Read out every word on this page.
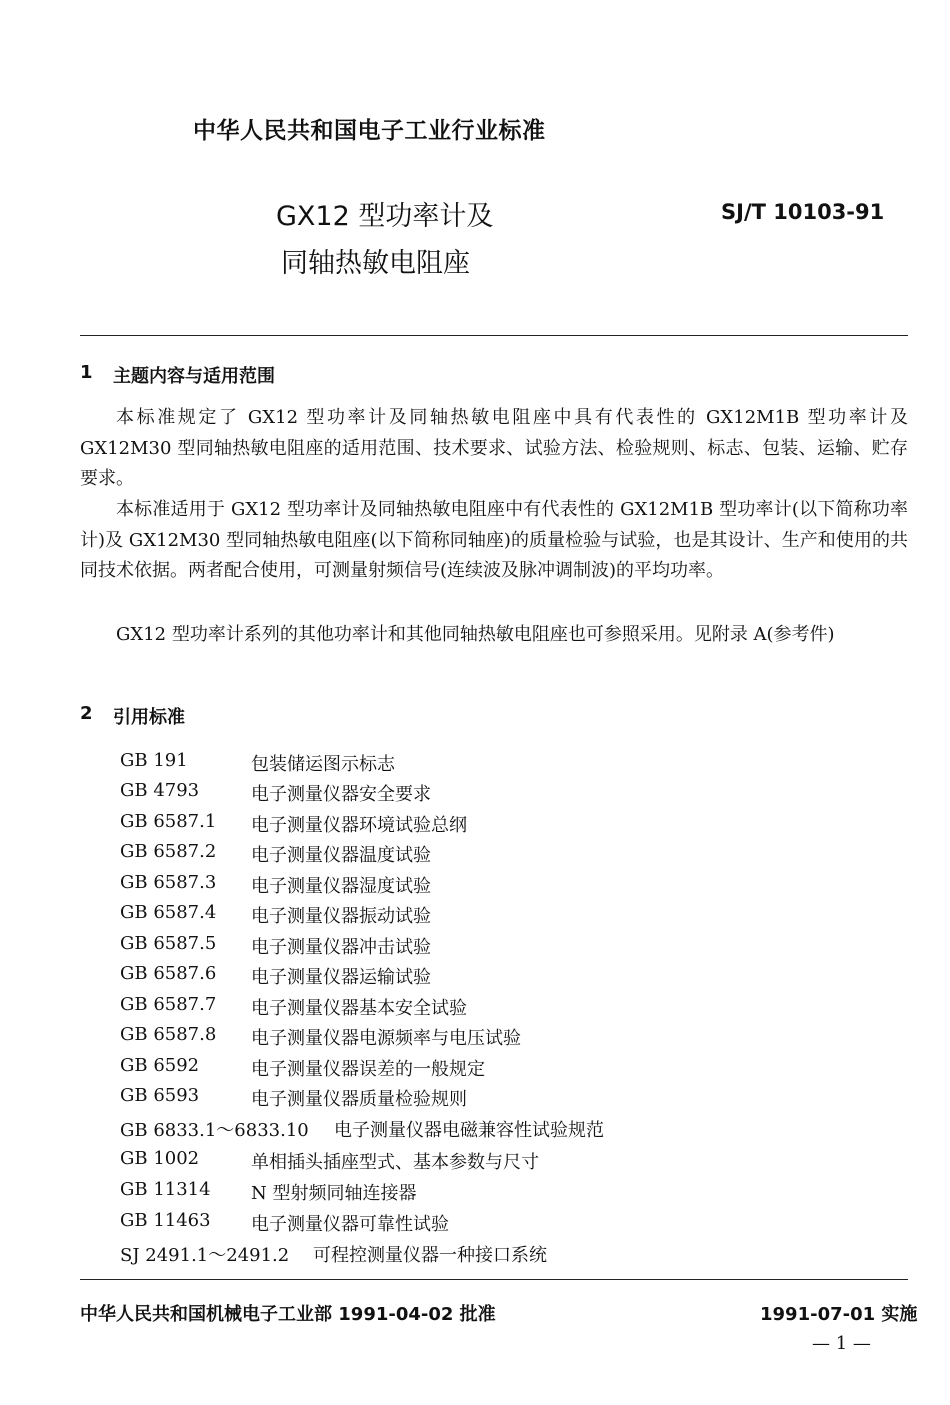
中华人民共和国电子工业行业标准
GX12 型功率计及
同轴热敏电阻座
SJ/T 10103-91
1 主题内容与适用范围
本标准规定了 GX12 型功率计及同轴热敏电阻座中具有代表性的 GX12M1B 型功率计及 GX12M30 型同轴热敏电阻座的适用范围、技术要求、试验方法、检验规则、标志、包装、运输、贮存要求。
本标准适用于 GX12 型功率计及同轴热敏电阻座中有代表性的 GX12M1B 型功率计(以下简称功率计)及 GX12M30 型同轴热敏电阻座(以下简称同轴座)的质量检验与试验，也是其设计、生产和使用的共同技术依据。两者配合使用，可测量射频信号(连续波及脉冲调制波)的平均功率。
GX12 型功率计系列的其他功率计和其他同轴热敏电阻座也可参照采用。见附录 A(参考件)
2 引用标准
GB 191	包装储运图示标志
GB 4793	电子测量仪器安全要求
GB 6587.1 电子测量仪器环境试验总纲
GB 6587.2 电子测量仪器温度试验
GB 6587.3 电子测量仪器湿度试验
GB 6587.4 电子测量仪器振动试验
GB 6587.5 电子测量仪器冲击试验
GB 6587.6 电子测量仪器运输试验
GB 6587.7 电子测量仪器基本安全试验
GB 6587.8 电子测量仪器电源频率与电压试验
GB 6592	电子测量仪器误差的一般规定
GB 6593	电子测量仪器质量检验规则
GB 6833.1～6833.10 电子测量仪器电磁兼容性试验规范
GB 1002	单相插头插座型式、基本参数与尺寸
GB 11314 N 型射频同轴连接器
GB 11463 电子测量仪器可靠性试验
SJ 2491.1～2491.2 可程控测量仪器一种接口系统
中华人民共和国机械电子工业部 1991-04-02 批准	1991-07-01 实施
— 1 —
